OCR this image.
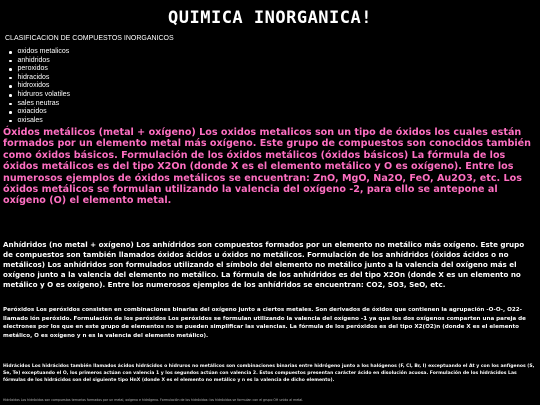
QUIMICA INORGANICA!

CLASIFICACION DE COMPUESTOS INORGANICOS

oxidos metalicos
anhidridos
peroxidos
hidracidos
hidroxidos
hidruros volatiles
sales neutras
oxiacidos
oxisales

Óxidos metálicos (metal + oxígeno) Los oxidos metalicos son un tipo de óxidos los cuales están formados por un elemento metal más oxígeno. Este grupo de compuestos son conocidos también como óxidos básicos. Formulación de los óxidos metálicos (óxidos básicos) La fórmula de los óxidos metálicos es del tipo X2On (donde X es el elemento metálico y O es oxígeno). Entre los numerosos ejemplos de óxidos metálicos se encuentran: ZnO, MgO, Na2O, FeO, Au2O3, etc. Los óxidos metálicos se formulan utilizando la valencia del oxígeno -2, para ello se antepone al oxígeno (O) el elemento metal.

Anhídridos (no metal + oxígeno) Los anhídridos son compuestos formados por un elemento no metálico más oxígeno. Este grupo de compuestos son también llamados óxidos ácidos u óxidos no metálicos. Formulación de los anhídridos (óxidos ácidos o no metálicos) Los anhídridos son formulados utilizando el símbolo del elemento no metálico junto a la valencia del oxígeno más el oxígeno junto a la valencia del elemento no metálico. La fórmula de los anhídridos es del tipo X2On (donde X es un elemento no metálico y O es oxígeno). Entre los numerosos ejemplos de los anhídridos se encuentran: CO2, SO3, SeO, etc.

Peróxidos Los peróxidos consisten en combinaciones binarias del oxígeno junto a ciertos metales. Son derivados de óxidos que contienen la agrupación -O-O-, O22- llamado ión peróxido. Formulación de los peróxidos Los peróxidos se formulan utilizando la valencia del oxígeno -1 ya que los dos oxígenos comparten una pareja de electrones por los que en este grupo de elementos no se pueden simplificar las valencias. La fórmula de los peróxidos es del tipo X2(O2)n (donde X es el elemento metálico, O es oxígeno y n es la valencia del elemento metálico).

Hidrácidos Los hidrácidos también llamados ácidos hidrácidos o hidruros no metálicos son combinaciones binarias entre hidrógeno junto a los halógenos (F, Cl, Br, I) exceptuando el At y con los anfígenos (S, Se, Te) exceptuando el O, los primeros actúan con valencia 1 y los segundos actúan con valencia 2. Estos compuestos presentan carácter ácido en disolución acuosa. Formulación de los hidrácidos Las fórmulas de los hidrácidos son del siguiente tipo HnX (donde X es el elemento no metálico y n es la valencia de dicho elemento).

Hidróxidos Los hidróxidos son compuestos ternarios formados por un metal, oxígeno e hidrógeno. Formulación de los hidróxidos: los hidróxidos se formulan con el grupo OH unido al metal.
